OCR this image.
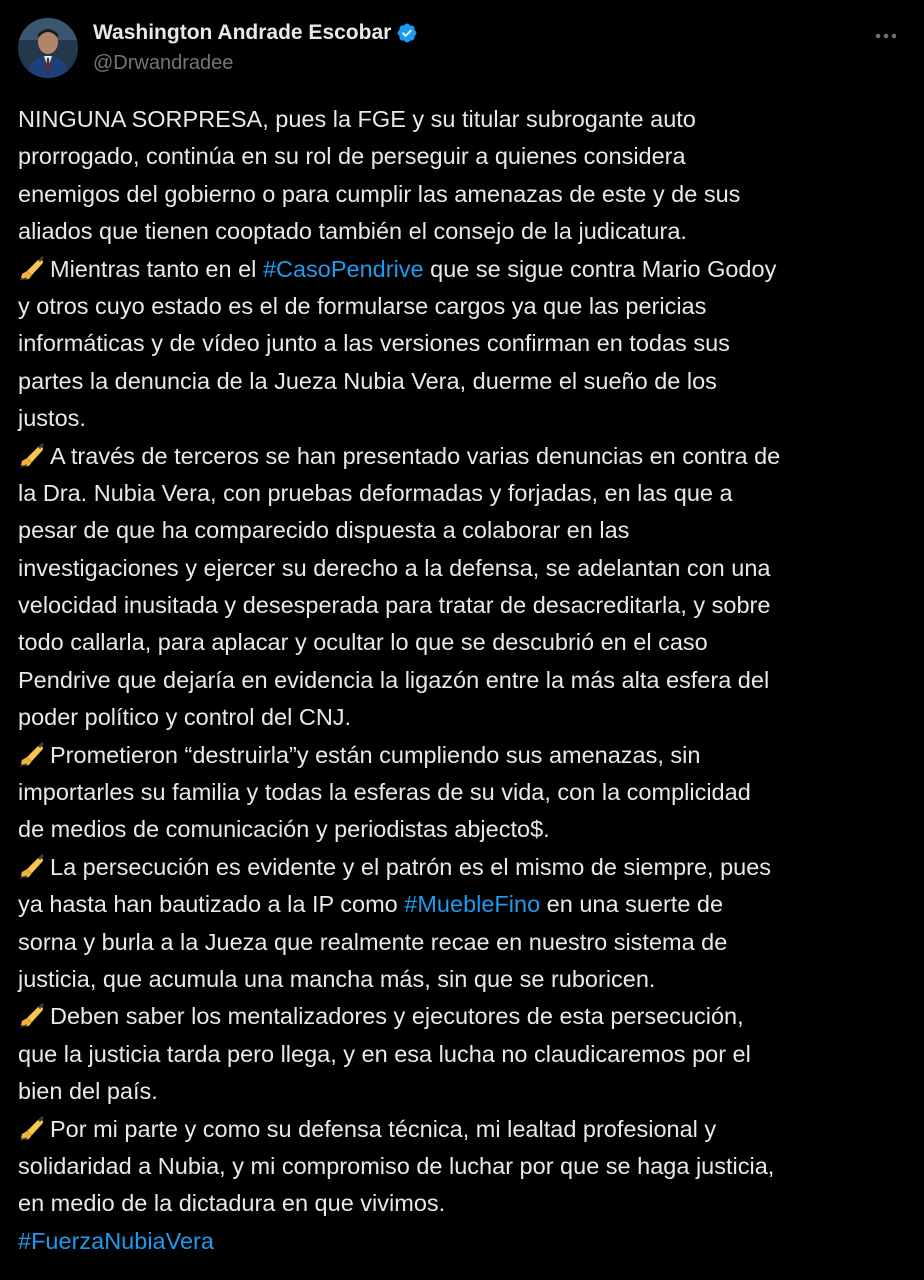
Washington Andrade Escobar
@Drwandradee
NINGUNA SORPRESA, pues la FGE y su titular subrogante auto
prorrogado, continúa en su rol de perseguir a quienes considera
enemigos del gobierno o para cumplir las amenazas de este y de sus
aliados que tienen cooptado también el consejo de la judicatura.
Mientras tanto en el #CasoPendrive que se sigue contra Mario Godoy
y otros cuyo estado es el de formularse cargos ya que las pericias
informáticas y de vídeo junto a las versiones confirman en todas sus
partes la denuncia de la Jueza Nubia Vera, duerme el sueño de los
justos.
A través de terceros se han presentado varias denuncias en contra de
la Dra. Nubia Vera, con pruebas deformadas y forjadas, en las que a
pesar de que ha comparecido dispuesta a colaborar en las
investigaciones y ejercer su derecho a la defensa, se adelantan con una
velocidad inusitada y desesperada para tratar de desacreditarla, y sobre
todo callarla, para aplacar y ocultar lo que se descubrió en el caso
Pendrive que dejaría en evidencia la ligazón entre la más alta esfera del
poder político y control del CNJ.
Prometieron “destruirla”y están cumpliendo sus amenazas, sin
importarles su familia y todas la esferas de su vida, con la complicidad
de medios de comunicación y periodistas abjecto$.
La persecución es evidente y el patrón es el mismo de siempre, pues
ya hasta han bautizado a la IP como #MuebleFino en una suerte de
sorna y burla a la Jueza que realmente recae en nuestro sistema de
justicia, que acumula una mancha más, sin que se ruboricen.
Deben saber los mentalizadores y ejecutores de esta persecución,
que la justicia tarda pero llega, y en esa lucha no claudicaremos por el
bien del país.
Por mi parte y como su defensa técnica, mi lealtad profesional y
solidaridad a Nubia, y mi compromiso de luchar por que se haga justicia,
en medio de la dictadura en que vivimos.
#FuerzaNubiaVera
